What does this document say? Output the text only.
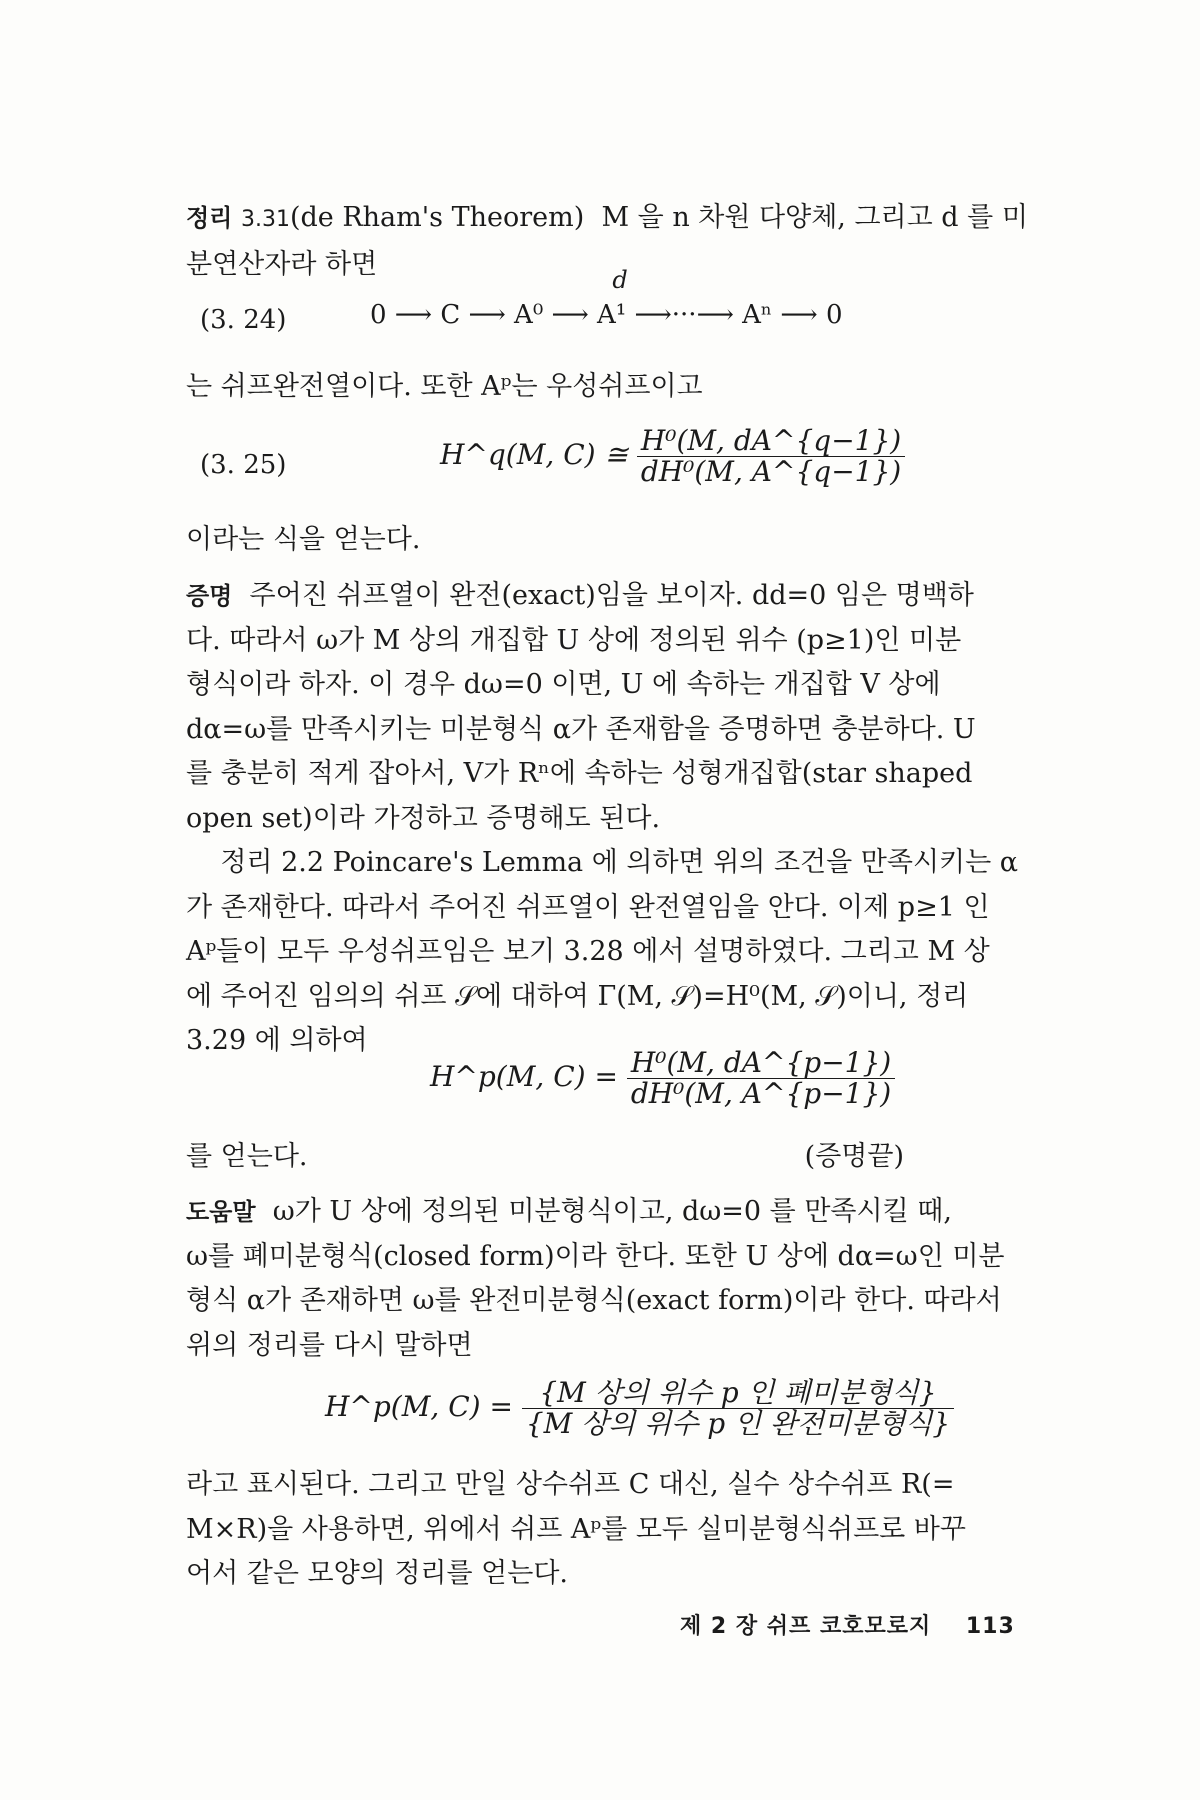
정리 3.31(de Rham's Theorem) M 을 n 차원 다양체, 그리고 d 를 미
분연산자라 하면
(3. 24)
d
0 ⟶ C ⟶ A⁰ ⟶ A¹ ⟶···⟶ Aⁿ ⟶ 0
는 쉬프완전열이다. 또한 Aᵖ는 우성쉬프이고
(3. 25)	H^q(M, C) ≅ $\frac{\text{H⁰(M, dA\textasciicircum{}\{q−1\})}}{\text{dH⁰(M, A\textasciicircum{}\{q−1\})}}$
이라는 식을 얻는다.
증명 주어진 쉬프열이 완전(exact)임을 보이자. dd=0 임은 명백하
다. 따라서 ω가 M 상의 개집합 U 상에 정의된 위수 (p≥1)인 미분
형식이라 하자. 이 경우 dω=0 이면, U 에 속하는 개집합 V 상에
dα=ω를 만족시키는 미분형식 α가 존재함을 증명하면 충분하다. U
를 충분히 적게 잡아서, V가 Rⁿ에 속하는 성형개집합(star shaped
open set)이라 가정하고 증명해도 된다.
정리 2.2 Poincare's Lemma 에 의하면 위의 조건을 만족시키는 α
가 존재한다. 따라서 주어진 쉬프열이 완전열임을 안다. 이제 p≥1 인
Aᵖ들이 모두 우성쉬프임은 보기 3.28 에서 설명하였다. 그리고 M 상
에 주어진 임의의 쉬프 𝒮에 대하여 Γ(M, 𝒮)=H⁰(M, 𝒮)이니, 정리
3.29 에 의하여
H^p(M, $C) = \frac{\text{H⁰(M, dA\textasciicircum{}\{p−1\})}}{\text{dH⁰(M, A\textasciicircum{}\{p−1\})}}$
를 얻는다.	(증명끝)
도움말 ω가 U 상에 정의된 미분형식이고, dω=0 를 만족시킬 때,
ω를 폐미분형식(closed form)이라 한다. 또한 U 상에 dα=ω인 미분
형식 α가 존재하면 ω를 완전미분형식(exact form)이라 한다. 따라서
위의 정리를 다시 말하면
H^p(M, $C) = \frac{\text{\{M 상의 위수 p 인 폐미분형식\}}}{\text{\{M 상의 위수 p 인 완전미분형식\}}}$
라고 표시된다. 그리고 만일 상수쉬프 C 대신, 실수 상수쉬프 R(=
M×R)을 사용하면, 위에서 쉬프 Aᵖ를 모두 실미분형식쉬프로 바꾸
어서 같은 모양의 정리를 얻는다.
제 2 장 쉬프 코호모로지 113
